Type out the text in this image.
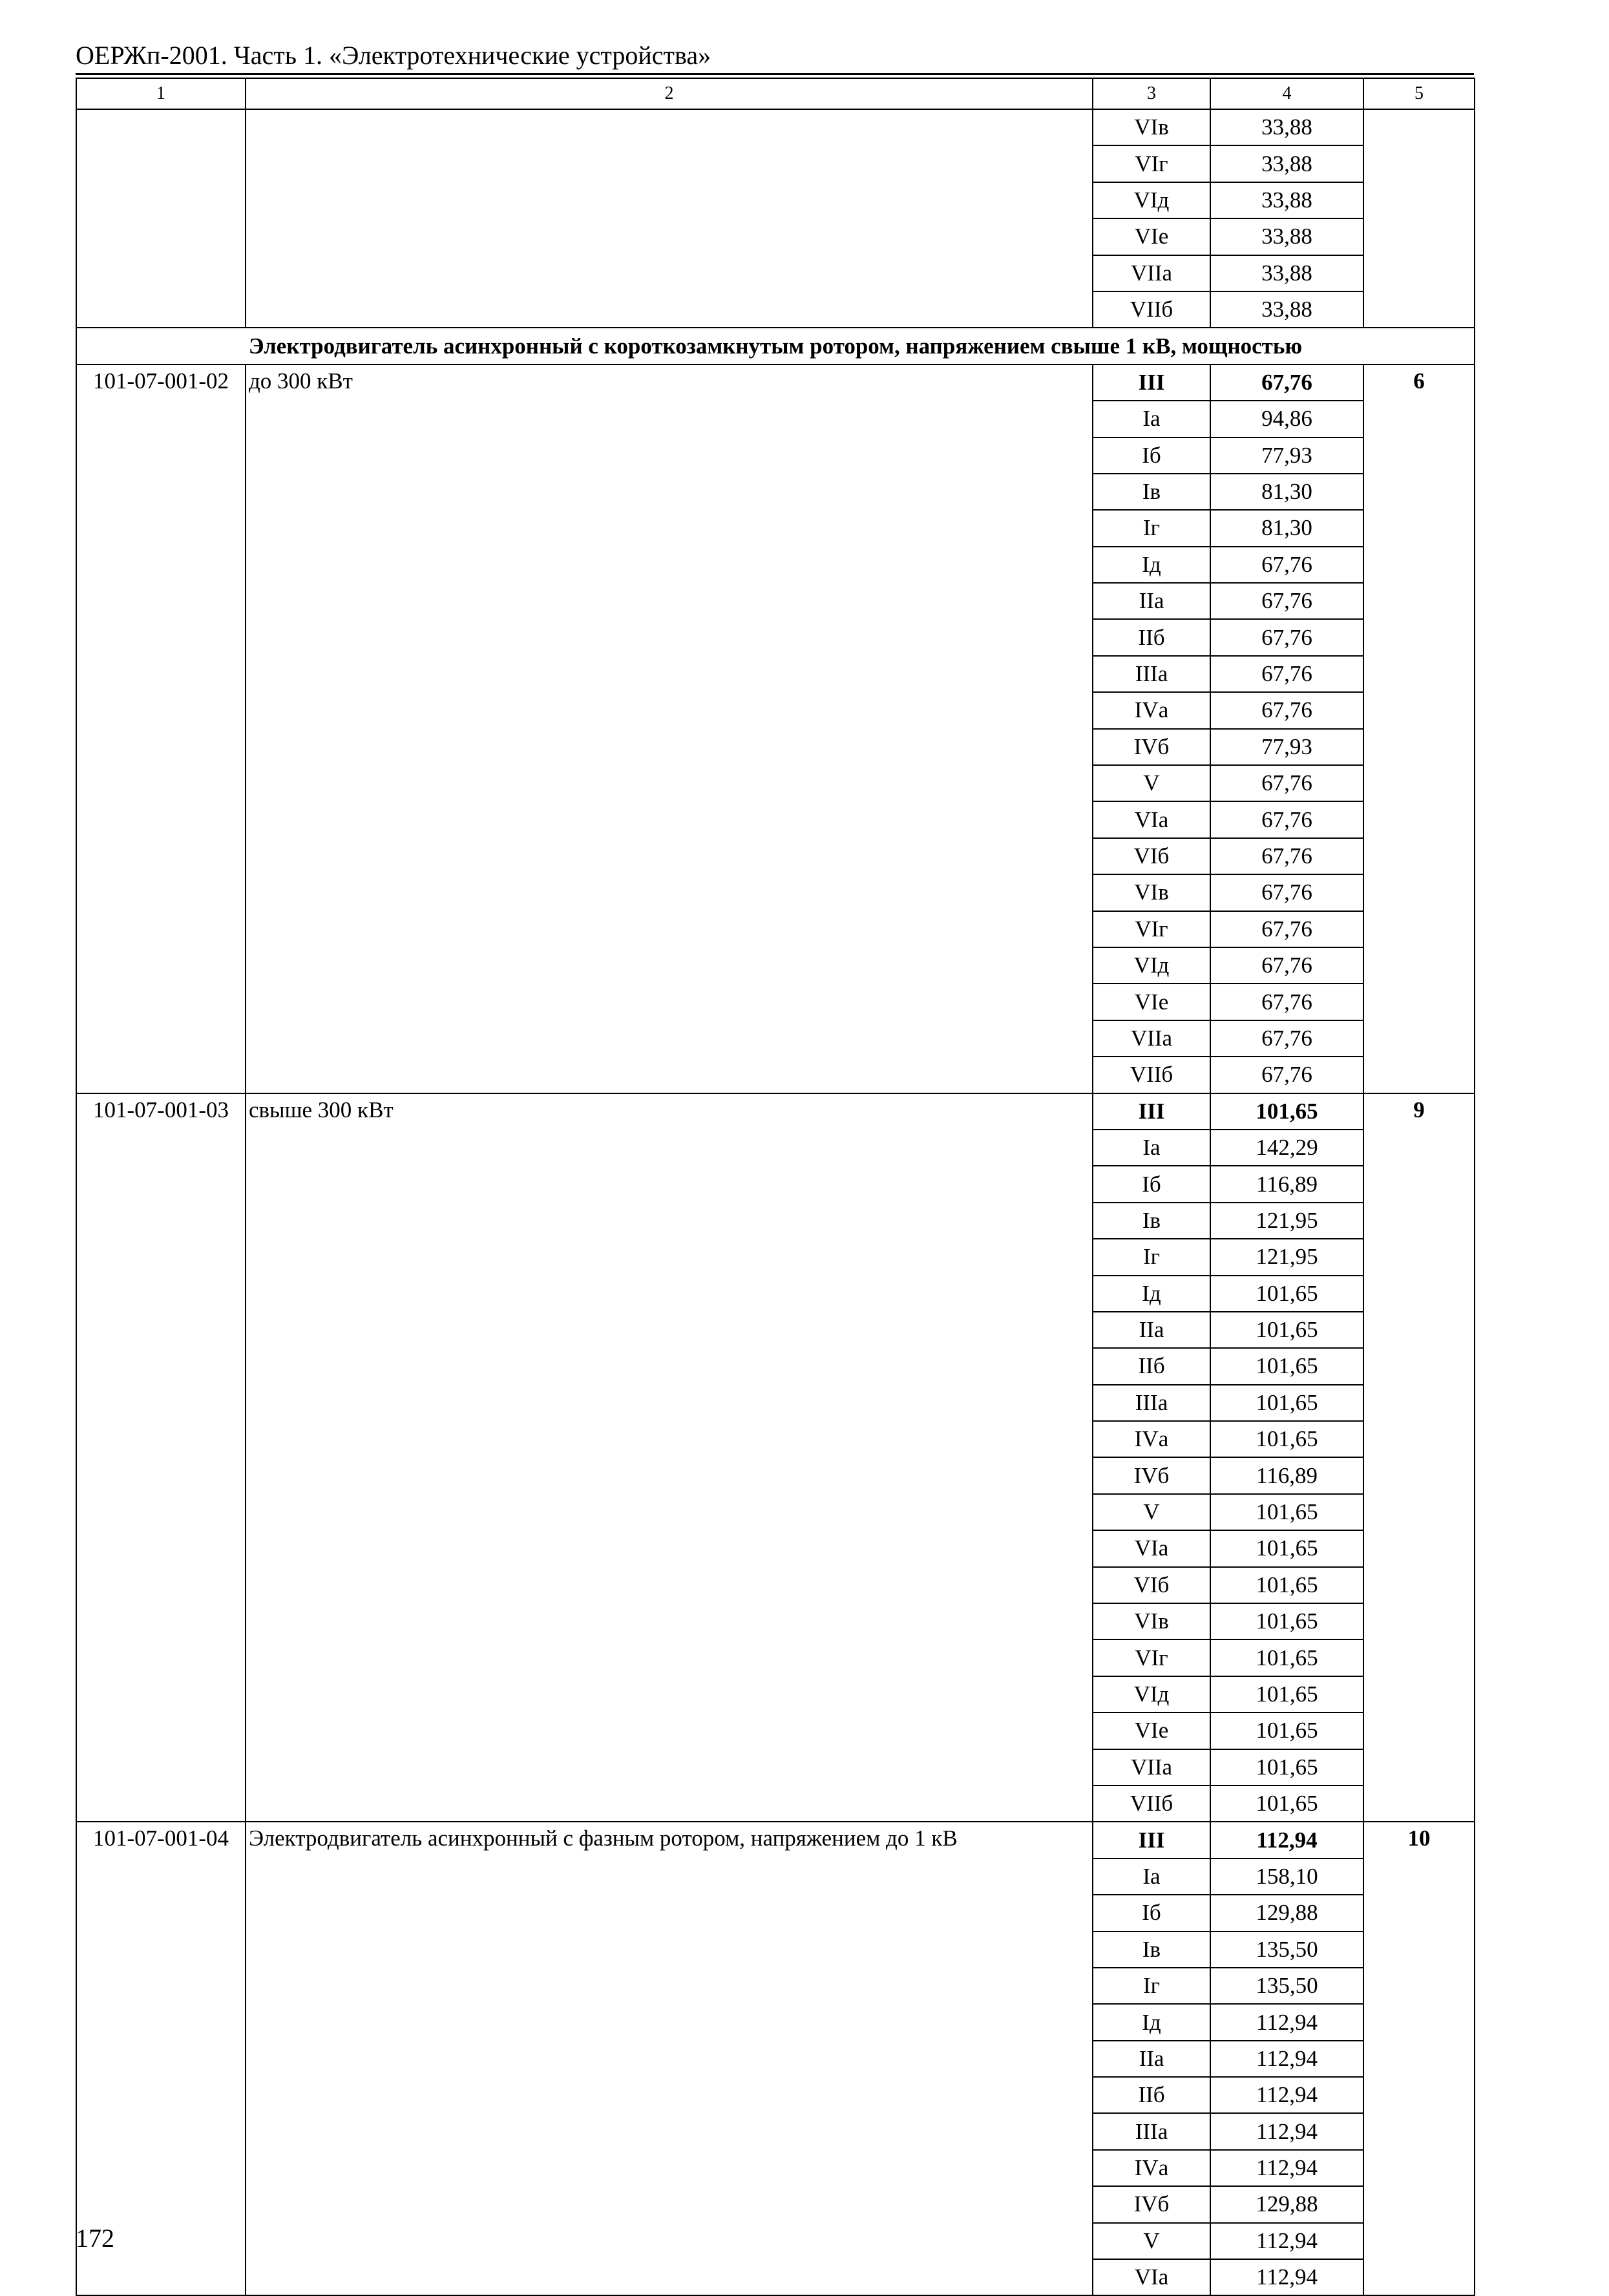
ОЕРЖп-2001. Часть 1. «Электротехнические устройства»
1	2	3	4	5
		VIв	33,88	
		VIг	33,88	
		VIд	33,88	
		VIе	33,88	
		VIIа	33,88	
		VIIб	33,88	
Электродвигатель асинхронный с короткозамкнутым ротором, напряжением свыше 1 кВ, мощностью				
101-07-001-02	до 300 кВт	III	67,76	6
		Iа	94,86	
		Iб	77,93	
		Iв	81,30	
		Iг	81,30	
		Iд	67,76	
		IIа	67,76	
		IIб	67,76	
		IIIа	67,76	
		IVа	67,76	
		IVб	77,93	
		V	67,76	
		VIа	67,76	
		VIб	67,76	
		VIв	67,76	
		VIг	67,76	
		VIд	67,76	
		VIе	67,76	
		VIIа	67,76	
		VIIб	67,76	
101-07-001-03	свыше 300 кВт	III	101,65	9
		Iа	142,29	
		Iб	116,89	
		Iв	121,95	
		Iг	121,95	
		Iд	101,65	
		IIа	101,65	
		IIб	101,65	
		IIIа	101,65	
		IVа	101,65	
		IVб	116,89	
		V	101,65	
		VIа	101,65	
		VIб	101,65	
		VIв	101,65	
		VIг	101,65	
		VIд	101,65	
		VIе	101,65	
		VIIа	101,65	
		VIIб	101,65	
101-07-001-04	Электродвигатель асинхронный с фазным ротором, напряжением до 1 кВ	III	112,94	10
		Iа	158,10	
		Iб	129,88	
		Iв	135,50	
		Iг	135,50	
		Iд	112,94	
		IIа	112,94	
		IIб	112,94	
		IIIа	112,94	
		IVа	112,94	
		IVб	129,88	
		V	112,94	
		VIа	112,94	
172
